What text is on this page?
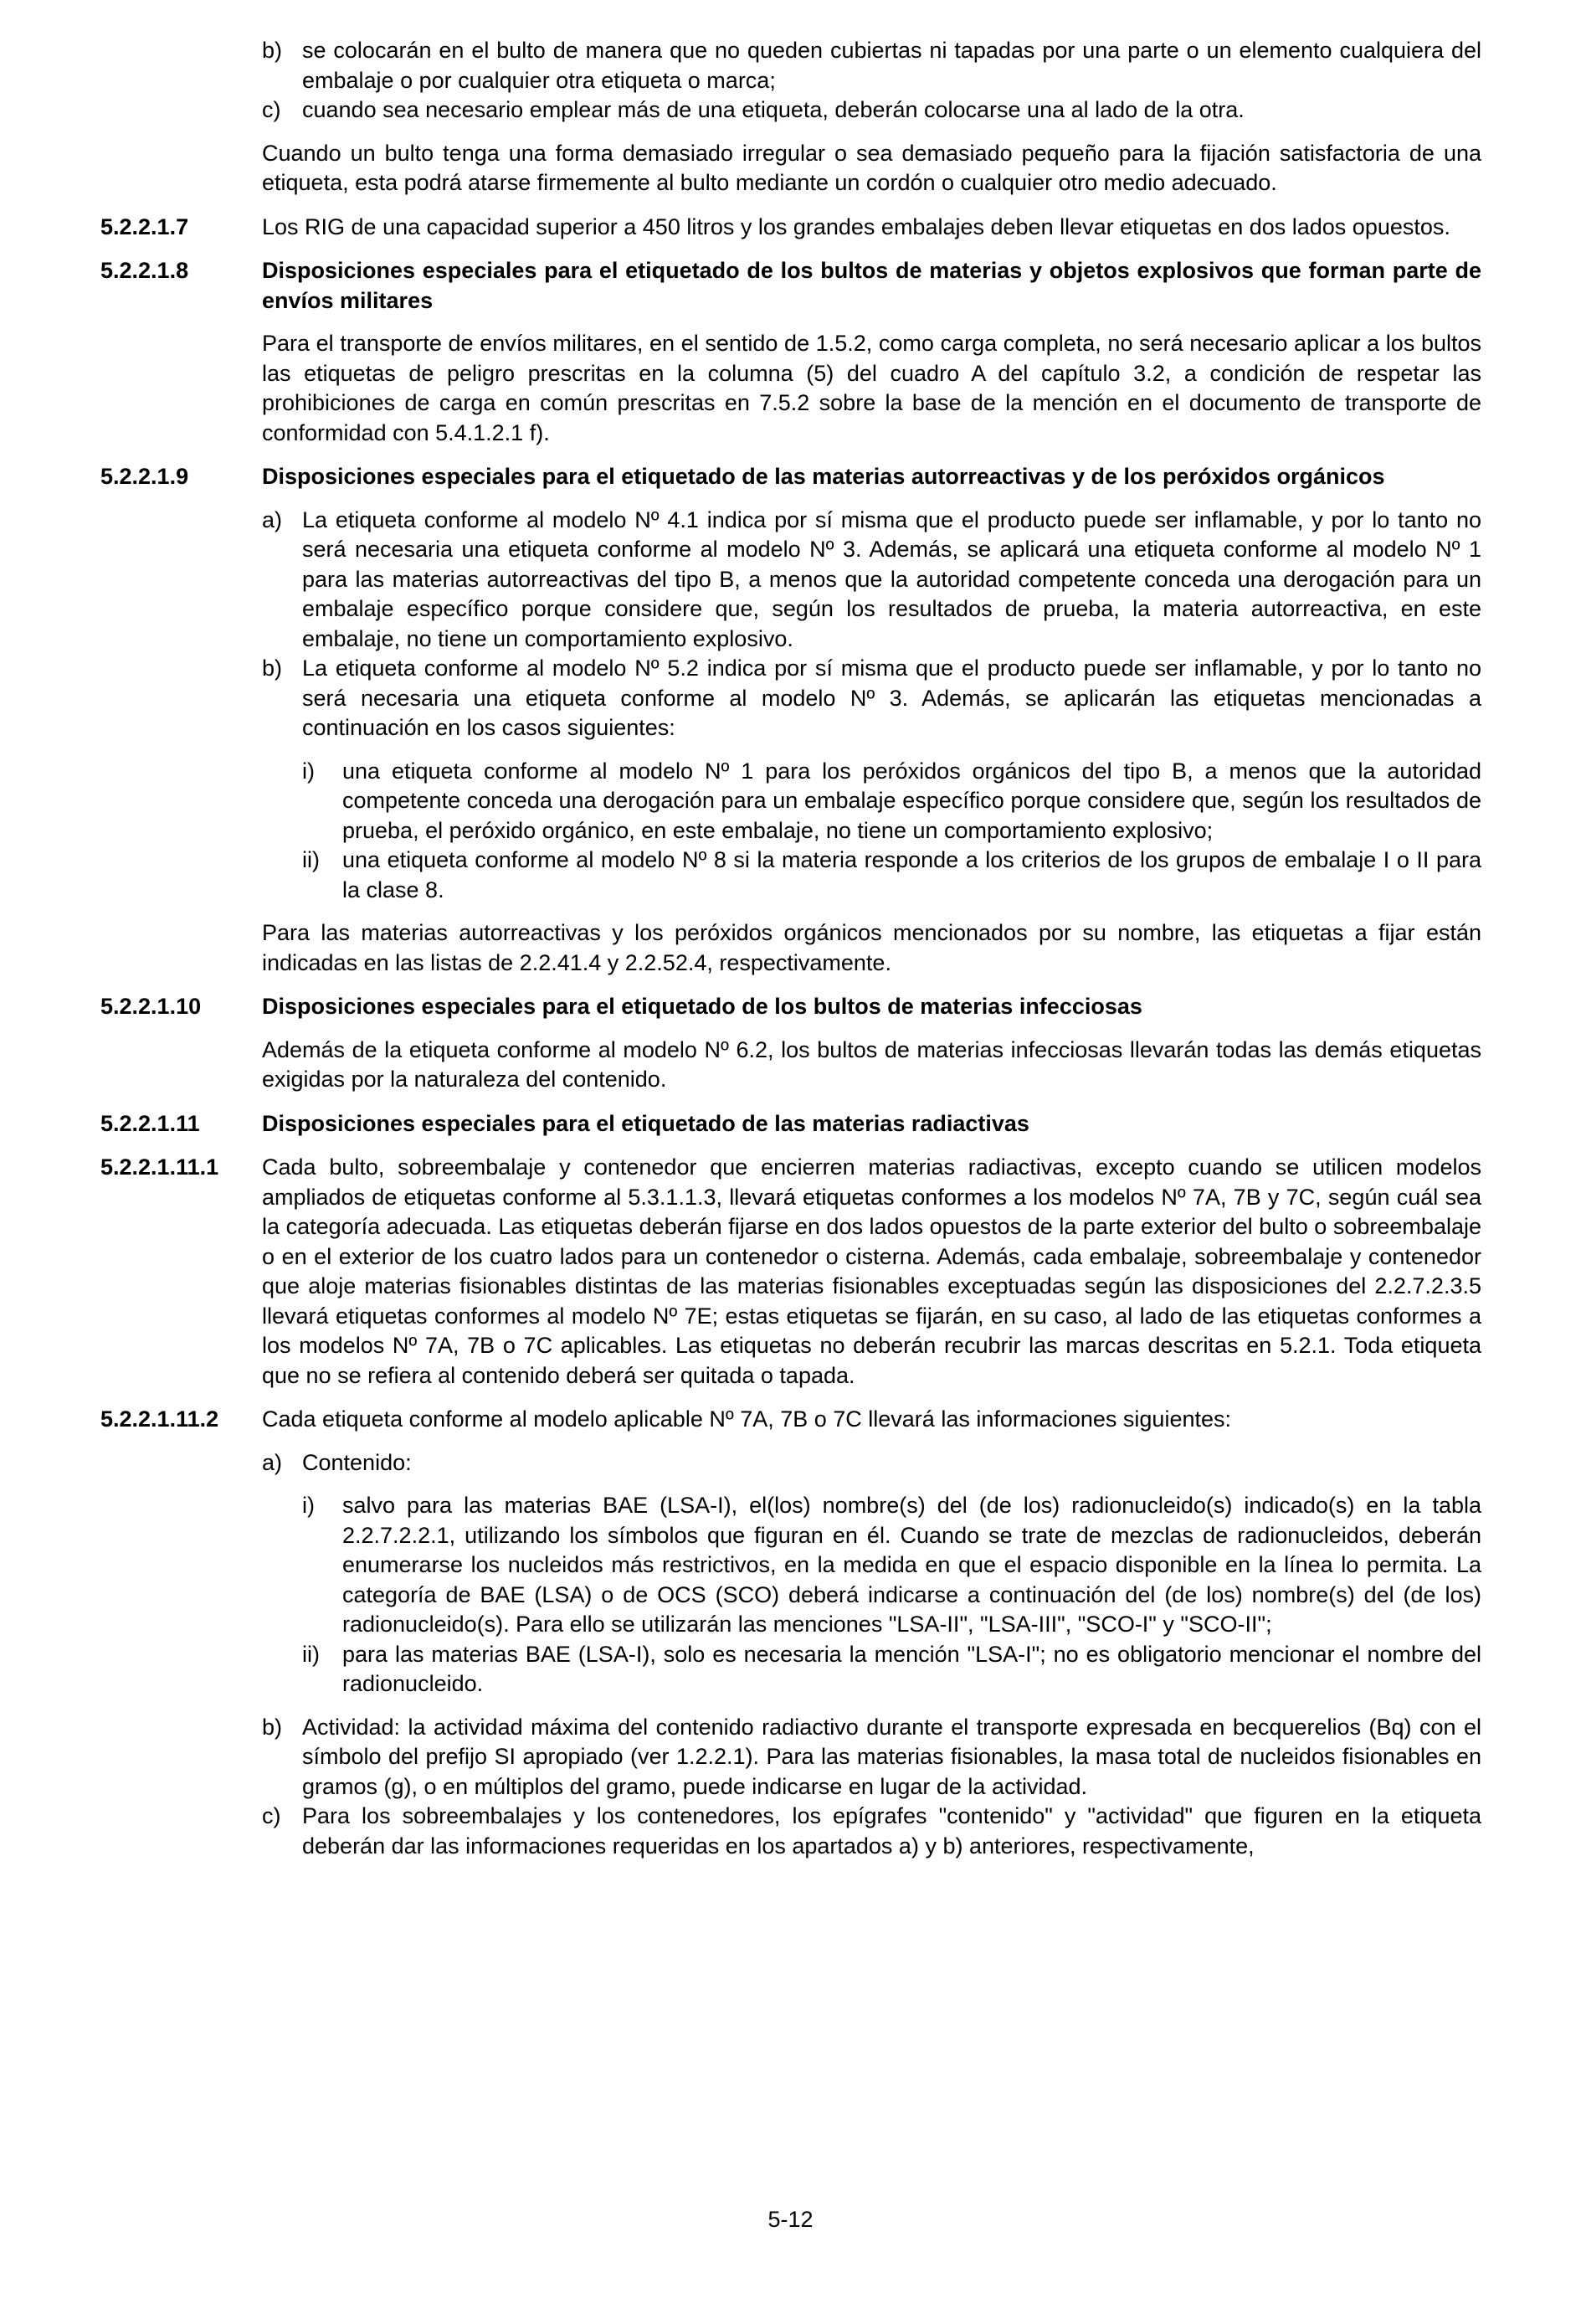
b) se colocarán en el bulto de manera que no queden cubiertas ni tapadas por una parte o un elemento cualquiera del embalaje o por cualquier otra etiqueta o marca;
c) cuando sea necesario emplear más de una etiqueta, deberán colocarse una al lado de la otra.

Cuando un bulto tenga una forma demasiado irregular o sea demasiado pequeño para la fijación satisfactoria de una etiqueta, esta podrá atarse firmemente al bulto mediante un cordón o cualquier otro medio adecuado.

5.2.2.1.7	Los RIG de una capacidad superior a 450 litros y los grandes embalajes deben llevar etiquetas en dos lados opuestos.

5.2.2.1.8	Disposiciones especiales para el etiquetado de los bultos de materias y objetos explosivos que forman parte de envíos militares

Para el transporte de envíos militares, en el sentido de 1.5.2, como carga completa, no será necesario aplicar a los bultos las etiquetas de peligro prescritas en la columna (5) del cuadro A del capítulo 3.2, a condición de respetar las prohibiciones de carga en común prescritas en 7.5.2 sobre la base de la mención en el documento de transporte de conformidad con 5.4.1.2.1 f).

5.2.2.1.9	Disposiciones especiales para el etiquetado de las materias autorreactivas y de los peróxidos orgánicos

a) La etiqueta conforme al modelo Nº 4.1 indica por sí misma que el producto puede ser inflamable, y por lo tanto no será necesaria una etiqueta conforme al modelo Nº 3. Además, se aplicará una etiqueta conforme al modelo Nº 1 para las materias autorreactivas del tipo B, a menos que la autoridad competente conceda una derogación para un embalaje específico porque considere que, según los resultados de prueba, la materia autorreactiva, en este embalaje, no tiene un comportamiento explosivo.
b) La etiqueta conforme al modelo Nº 5.2 indica por sí misma que el producto puede ser inflamable, y por lo tanto no será necesaria una etiqueta conforme al modelo Nº 3. Además, se aplicarán las etiquetas mencionadas a continuación en los casos siguientes:
i)	una etiqueta conforme al modelo Nº 1 para los peróxidos orgánicos del tipo B, a menos que la autoridad competente conceda una derogación para un embalaje específico porque considere que, según los resultados de prueba, el peróxido orgánico, en este embalaje, no tiene un comportamiento explosivo;
ii)	una etiqueta conforme al modelo Nº 8 si la materia responde a los criterios de los grupos de embalaje I o II para la clase 8.

Para las materias autorreactivas y los peróxidos orgánicos mencionados por su nombre, las etiquetas a fijar están indicadas en las listas de 2.2.41.4 y 2.2.52.4, respectivamente.

5.2.2.1.10	Disposiciones especiales para el etiquetado de los bultos de materias infecciosas

Además de la etiqueta conforme al modelo Nº 6.2, los bultos de materias infecciosas llevarán todas las demás etiquetas exigidas por la naturaleza del contenido.

5.2.2.1.11	Disposiciones especiales para el etiquetado de las materias radiactivas

5.2.2.1.11.1	Cada bulto, sobreembalaje y contenedor que encierren materias radiactivas, excepto cuando se utilicen modelos ampliados de etiquetas conforme al 5.3.1.1.3, llevará etiquetas conformes a los modelos Nº 7A, 7B y 7C, según cuál sea la categoría adecuada. Las etiquetas deberán fijarse en dos lados opuestos de la parte exterior del bulto o sobreembalaje o en el exterior de los cuatro lados para un contenedor o cisterna. Además, cada embalaje, sobreembalaje y contenedor que aloje materias fisionables distintas de las materias fisionables exceptuadas según las disposiciones del 2.2.7.2.3.5 llevará etiquetas conformes al modelo Nº 7E; estas etiquetas se fijarán, en su caso, al lado de las etiquetas conformes a los modelos Nº 7A, 7B o 7C aplicables. Las etiquetas no deberán recubrir las marcas descritas en 5.2.1. Toda etiqueta que no se refiera al contenido deberá ser quitada o tapada.

5.2.2.1.11.2	Cada etiqueta conforme al modelo aplicable Nº 7A, 7B o 7C llevará las informaciones siguientes:

a) Contenido:
i)	salvo para las materias BAE (LSA-I), el(los) nombre(s) del (de los) radionucleido(s) indicado(s) en la tabla 2.2.7.2.2.1, utilizando los símbolos que figuran en él. Cuando se trate de mezclas de radionucleidos, deberán enumerarse los nucleidos más restrictivos, en la medida en que el espacio disponible en la línea lo permita. La categoría de BAE (LSA) o de OCS (SCO) deberá indicarse a continuación del (de los) nombre(s) del (de los) radionucleido(s). Para ello se utilizarán las menciones "LSA-II", "LSA-III", "SCO-I" y "SCO-II";
ii)	para las materias BAE (LSA-I), solo es necesaria la mención "LSA-I"; no es obligatorio mencionar el nombre del radionucleido.
b) Actividad: la actividad máxima del contenido radiactivo durante el transporte expresada en becquerelios (Bq) con el símbolo del prefijo SI apropiado (ver 1.2.2.1). Para las materias fisionables, la masa total de nucleidos fisionables en gramos (g), o en múltiplos del gramo, puede indicarse en lugar de la actividad.
c) Para los sobreembalajes y los contenedores, los epígrafes "contenido" y "actividad" que figuren en la etiqueta deberán dar las informaciones requeridas en los apartados a) y b) anteriores, respectivamente,
5-12
